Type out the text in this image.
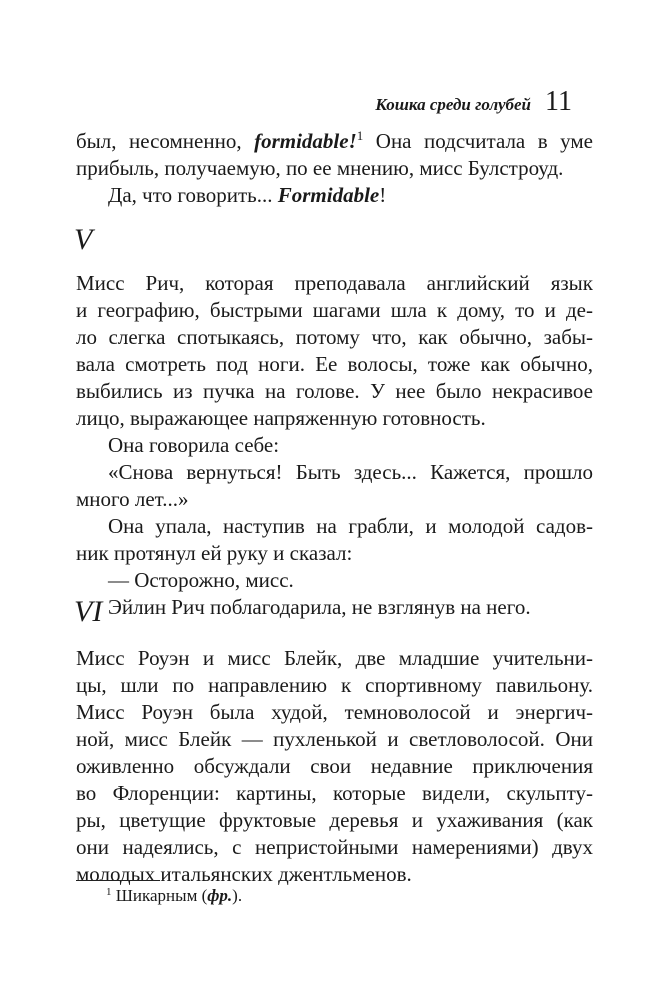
Кошка среди голубей 11
был, несомненно, formidable!$^1$ Она подсчитала в уме
прибыль, получаемую, по ее мнению, мисс Булстроуд.
Да, что говорить... Formidable!
V
Мисс Рич, которая преподавала английский язык
и географию, быстрыми шагами шла к дому, то и де-
ло слегка спотыкаясь, потому что, как обычно, забы-
вала смотреть под ноги. Ее волосы, тоже как обычно,
выбились из пучка на голове. У нее было некрасивое
лицо, выражающее напряженную готовность.
Она говорила себе:
«Снова вернуться! Быть здесь... Кажется, прошло
много лет...»
Она упала, наступив на грабли, и молодой садов-
ник протянул ей руку и сказал:
— Осторожно, мисс.
Эйлин Рич поблагодарила, не взглянув на него.
VI
Мисс Роуэн и мисс Блейк, две младшие учительни-
цы, шли по направлению к спортивному павильону.
Мисс Роуэн была худой, темноволосой и энергич-
ной, мисс Блейк — пухленькой и светловолосой. Они
оживленно обсуждали свои недавние приключения
во Флоренции: картины, которые видели, скульпту-
ры, цветущие фруктовые деревья и ухаживания (как
они надеялись, с непристойными намерениями) двух
молодых итальянских джентльменов.
$^1$ Шикарным (фр.).
